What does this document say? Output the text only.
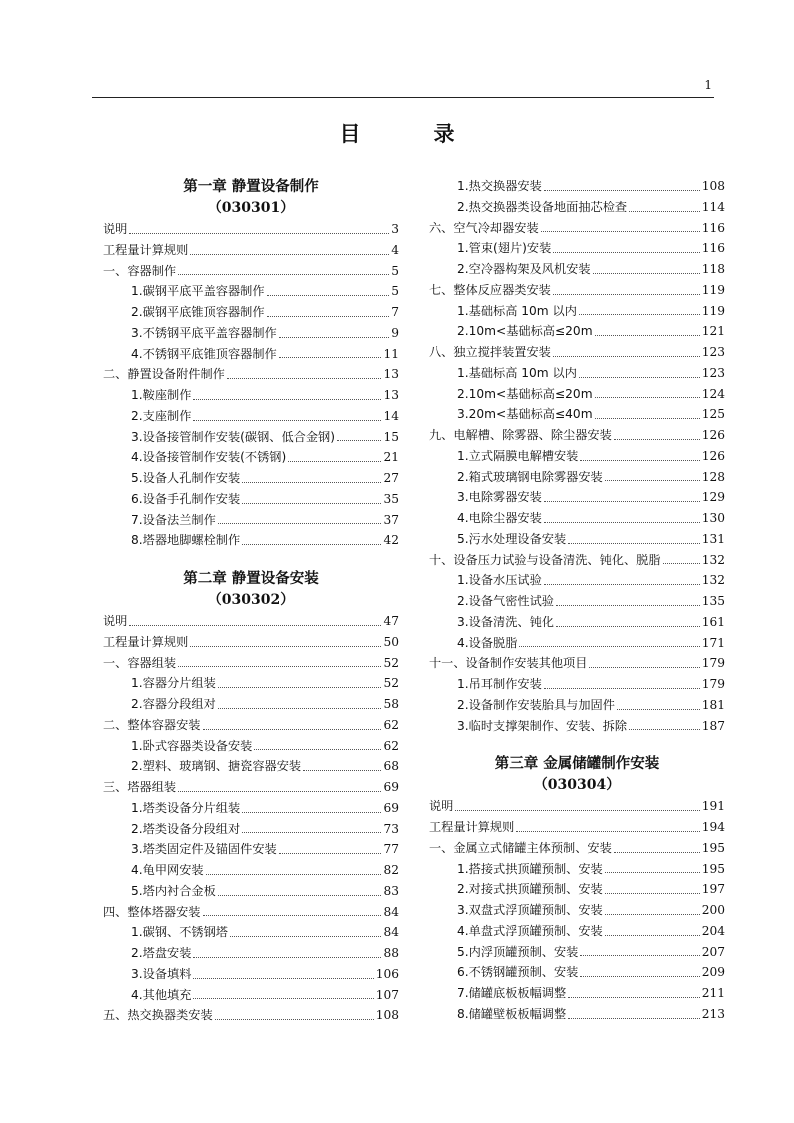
1
目　录
第一章 静置设备制作
（030301）
说明	3
工程量计算规则	4
一、容器制作	5
1.碳钢平底平盖容器制作	5
2.碳钢平底锥顶容器制作	7
3.不锈钢平底平盖容器制作	9
4.不锈钢平底锥顶容器制作	11
二、静置设备附件制作	13
1.鞍座制作	13
2.支座制作	14
3.设备接管制作安装(碳钢、低合金钢)	15
4.设备接管制作安装(不锈钢)	21
5.设备人孔制作安装	27
6.设备手孔制作安装	35
7.设备法兰制作	37
8.塔器地脚螺栓制作	42
第二章 静置设备安装
（030302）
说明	47
工程量计算规则	50
一、容器组装	52
1.容器分片组装	52
2.容器分段组对	58
二、整体容器安装	62
1.卧式容器类设备安装	62
2.塑料、玻璃钢、搪瓷容器安装	68
三、塔器组装	69
1.塔类设备分片组装	69
2.塔类设备分段组对	73
3.塔类固定件及锚固件安装	77
4.龟甲网安装	82
5.塔内衬合金板	83
四、整体塔器安装	84
1.碳钢、不锈钢塔	84
2.塔盘安装	88
3.设备填料	106
4.其他填充	107
五、热交换器类安装	108
1.热交换器安装	108
2.热交换器类设备地面抽芯检查	114
六、空气冷却器安装	116
1.管束(翅片)安装	116
2.空冷器构架及风机安装	118
七、整体反应器类安装	119
1.基础标高 10m 以内	119
2.10m<基础标高≤20m	121
八、独立搅拌装置安装	123
1.基础标高 10m 以内	123
2.10m<基础标高≤20m	124
3.20m<基础标高≤40m	125
九、电解槽、除雾器、除尘器安装	126
1.立式隔膜电解槽安装	126
2.箱式玻璃钢电除雾器安装	128
3.电除雾器安装	129
4.电除尘器安装	130
5.污水处理设备安装	131
十、设备压力试验与设备清洗、钝化、脱脂	132
1.设备水压试验	132
2.设备气密性试验	135
3.设备清洗、钝化	161
4.设备脱脂	171
十一、设备制作安装其他项目	179
1.吊耳制作安装	179
2.设备制作安装胎具与加固件	181
3.临时支撑架制作、安装、拆除	187
第三章 金属储罐制作安装
（030304）
说明	191
工程量计算规则	194
一、金属立式储罐主体预制、安装	195
1.搭接式拱顶罐预制、安装	195
2.对接式拱顶罐预制、安装	197
3.双盘式浮顶罐预制、安装	200
4.单盘式浮顶罐预制、安装	204
5.内浮顶罐预制、安装	207
6.不锈钢罐预制、安装	209
7.储罐底板板幅调整	211
8.储罐壁板板幅调整	213
